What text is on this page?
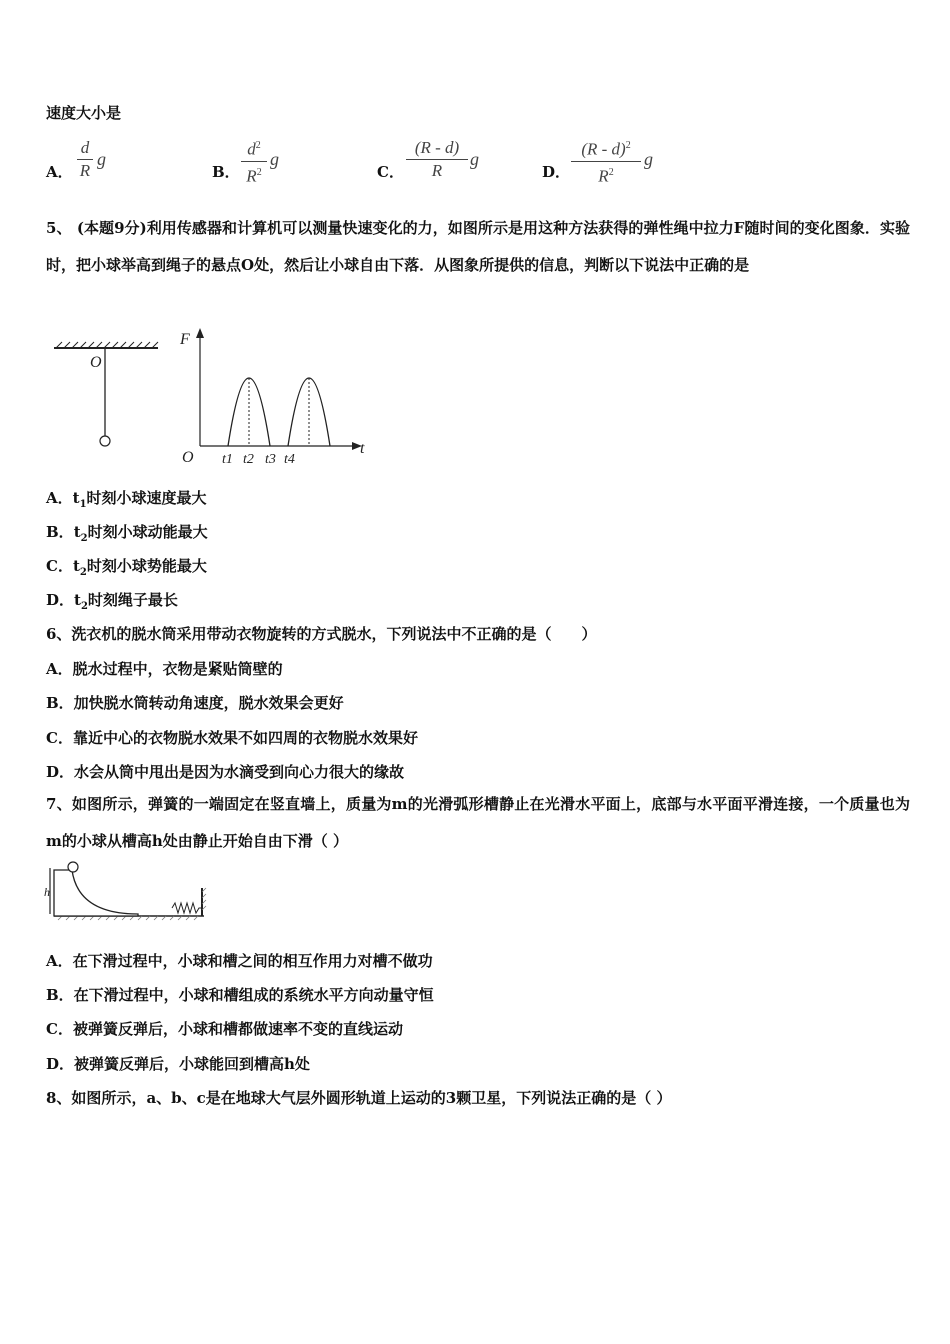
速度大小是
A．
d
R
g
B．
$d^2$
$R^2$
g
C．
(R - d)
R
g
D．
(R - d)$^2$
$R^2$
g
5、 (本题9分)利用传感器和计算机可以测量快速变化的力，如图所示是用这种方法获得的弹性绳中拉力F随时间的变化图象．实验时，把小球举高到绳子的悬点O处，然后让小球自由下落．从图象所提供的信息，判断以下说法中正确的是
O
F
t
O t1 t2 t3 t4
A．$t_1$时刻小球速度最大
B．$t_2$时刻小球动能最大
C．$t_2$时刻小球势能最大
D．$t_2$时刻绳子最长
6、洗衣机的脱水筒采用带动衣物旋转的方式脱水，下列说法中不正确的是（　　）
A．脱水过程中，衣物是紧贴筒壁的
B．加快脱水筒转动角速度，脱水效果会更好
C．靠近中心的衣物脱水效果不如四周的衣物脱水效果好
D．水会从筒中甩出是因为水滴受到向心力很大的缘故
7、如图所示，弹簧的一端固定在竖直墙上，质量为m的光滑弧形槽静止在光滑水平面上，底部与水平面平滑连接，一个质量也为m的小球从槽高h处由静止开始自由下滑（ ）
h
A．在下滑过程中，小球和槽之间的相互作用力对槽不做功
B．在下滑过程中，小球和槽组成的系统水平方向动量守恒
C．被弹簧反弹后，小球和槽都做速率不变的直线运动
D．被弹簧反弹后，小球能回到槽高h处
8、如图所示，a、b、c是在地球大气层外圆形轨道上运动的3颗卫星，下列说法正确的是（ ）
